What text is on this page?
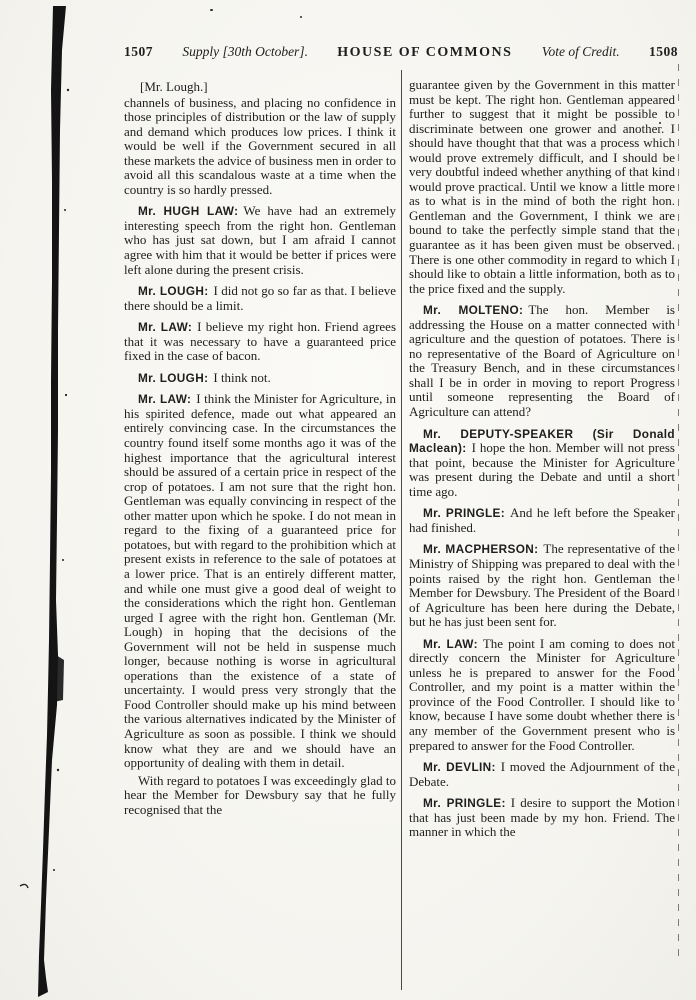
1507 Supply [30th October]. HOUSE OF COMMONS Vote of Credit. 1508

[Mr. Lough.]

channels of business, and placing no confidence in those principles of distribution or the law of supply and demand which produces low prices. I think it would be well if the Government secured in all these markets the advice of business men in order to avoid all this scandalous waste at a time when the country is so hardly pressed.

Mr. HUGH LAW: We have had an extremely interesting speech from the right hon. Gentleman who has just sat down, but I am afraid I cannot agree with him that it would be better if prices were left alone during the present crisis.

Mr. LOUGH: I did not go so far as that. I believe there should be a limit.

Mr. LAW: I believe my right hon. Friend agrees that it was necessary to have a guaranteed price fixed in the case of bacon.

Mr. LOUGH: I think not.

Mr. LAW: I think the Minister for Agriculture, in his spirited defence, made out what appeared an entirely convincing case. In the circumstances the country found itself some months ago it was of the highest importance that the agricultural interest should be assured of a certain price in respect of the crop of potatoes. I am not sure that the right hon. Gentleman was equally convincing in respect of the other matter upon which he spoke. I do not mean in regard to the fixing of a guaranteed price for potatoes, but with regard to the prohibition which at present exists in reference to the sale of potatoes at a lower price. That is an entirely different matter, and while one must give a good deal of weight to the considerations which the right hon. Gentleman urged I agree with the right hon. Gentleman (Mr. Lough) in hoping that the decisions of the Government will not be held in suspense much longer, because nothing is worse in agricultural operations than the existence of a state of uncertainty. I would press very strongly that the Food Controller should make up his mind between the various alternatives indicated by the Minister of Agriculture as soon as possible. I think we should know what they are and we should have an opportunity of dealing with them in detail.

With regard to potatoes I was exceedingly glad to hear the Member for Dewsbury say that he fully recognised that the

guarantee given by the Government in this matter must be kept. The right hon. Gentleman appeared further to suggest that it might be possible to discriminate between one grower and another. I should have thought that that was a process which would prove extremely difficult, and I should be very doubtful indeed whether anything of that kind would prove practical. Until we know a little more as to what is in the mind of both the right hon. Gentleman and the Government, I think we are bound to take the perfectly simple stand that the guarantee as it has been given must be observed. There is one other commodity in regard to which I should like to obtain a little information, both as to the price fixed and the supply.

Mr. MOLTENO: The hon. Member is addressing the House on a matter connected with agriculture and the question of potatoes. There is no representative of the Board of Agriculture on the Treasury Bench, and in these circumstances shall I be in order in moving to report Progress until someone representing the Board of Agriculture can attend?

Mr. DEPUTY-SPEAKER (Sir Donald Maclean): I hope the hon. Member will not press that point, because the Minister for Agriculture was present during the Debate and until a short time ago.

Mr. PRINGLE: And he left before the Speaker had finished.

Mr. MACPHERSON: The representative of the Ministry of Shipping was prepared to deal with the points raised by the right hon. Gentleman the Member for Dewsbury. The President of the Board of Agriculture has been here during the Debate, but he has just been sent for.

Mr. LAW: The point I am coming to does not directly concern the Minister for Agriculture unless he is prepared to answer for the Food Controller, and my point is a matter within the province of the Food Controller. I should like to know, because I have some doubt whether there is any member of the Government present who is prepared to answer for the Food Controller.

Mr. DEVLIN: I moved the Adjournment of the Debate.

Mr. PRINGLE: I desire to support the Motion that has just been made by my hon. Friend. The manner in which the
